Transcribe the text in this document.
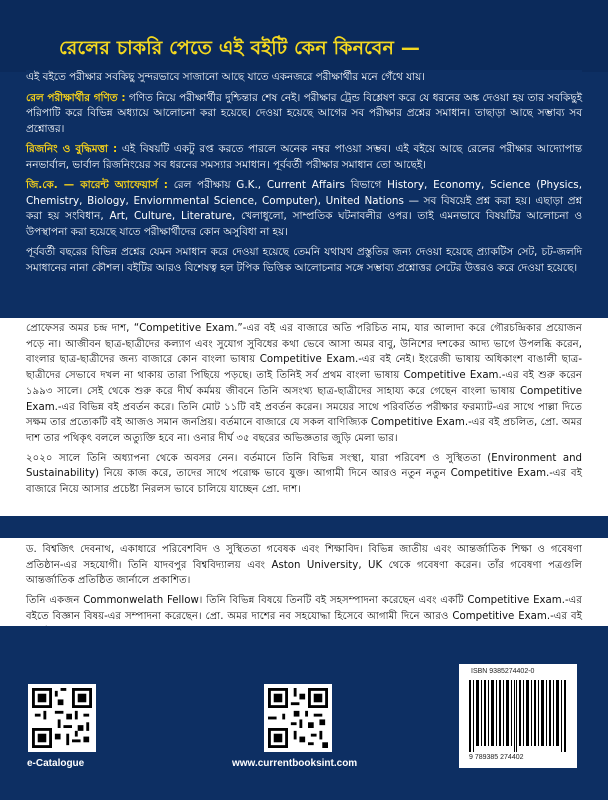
রেলের চাকরি পেতে এই বইটি কেন কিনবেন —

এই বইতে পরীক্ষার সবকিছু সুন্দরভাবে সাজানো আছে যাতে একনজরে পরীক্ষার্থীর মনে গেঁথে যায়।

রেল পরীক্ষার্থীর গণিত : গণিত নিয়ে পরীক্ষার্থীর দুশ্চিন্তার শেষ নেই। পরীক্ষার ট্রেন্ড বিশ্লেষণ করে যে ধরনের অঙ্ক দেওয়া হয় তার সবকিছুই পরিপাটি করে বিভিন্ন অধ্যায়ে আলোচনা করা হয়েছে। দেওয়া হয়েছে আগের সব পরীক্ষার প্রশ্নের সমাধান। তাছাড়া আছে সম্ভাব্য সব প্রশ্নোত্তর।

রিজনিং ও বুদ্ধিমত্তা : এই বিষয়টি একটু রপ্ত করতে পারলে অনেক নম্বর পাওয়া সম্ভব। এই বইয়ে আছে রেলের পরীক্ষার আদ্যোপান্ত নন‌ভার্বাল, ভার্বাল রিজনিংয়ের সব ধরনের সমস্যার সমাধান। পূর্ববর্তী পরীক্ষার সমাধান তো আছেই।

জি.কে. — কারেন্ট অ্যাফেয়ার্স : রেল পরীক্ষায় G.K., Current Affairs বিভাগে History, Economy, Science (Physics, Chemistry, Biology, Enviornmental Science, Computer), United Nations — সব বিষয়েই প্রশ্ন করা হয়। এছাড়া প্রশ্ন করা হয় সংবিধান, Art, Culture, Literature, খেলাধুলো, সাম্প্রতিক ঘটনাবলীর ওপর। তাই এমনভাবে বিষয়টির আলোচনা ও উপস্থাপনা করা হয়েছে যাতে পরীক্ষার্থীদের কোন অসুবিধা না হয়।

পূর্ববর্তী বছরের বিভিন্ন প্রশ্নের যেমন সমাধান করে দেওয়া হয়েছে তেমনি যথাযথ প্রস্তুতির জন্য দেওয়া হয়েছে প্র্যাকটিস সেট, চট-জলদি সমাধানের নানা কৌশল। বইটির আরও বিশেষত্ব হল টপিক ভিত্তিক আলোচনার সঙ্গে সম্ভাব্য প্রশ্নোত্তর সেটের উত্তরও করে দেওয়া হয়েছে।

প্রোফেসর অমর চন্দ্র দাশ, “Competitive Exam.”-এর বই এর বাজারে অতি পরিচিত নাম, যার আলাদা করে গৌরচন্দ্রিকার প্রয়োজন পড়ে না। আজীবন ছাত্র-ছাত্রীদের কল্যাণ এবং সুযোগ সুবিধের কথা ভেবে আসা অমর বাবু, উনিশের দশকের আদ্য ভাগে উপলব্ধি করেন, বাংলার ছাত্র-ছাত্রীদের জন্য বাজারে কোন বাংলা ভাষায় Competitive Exam.-এর বই নেই। ইংরেজী ভাষায় অধিকাংশ বাঙালী ছাত্র-ছাত্রীদের সেভাবে দখল না থাকায় তারা পিছিয়ে পড়ছে। তাই তিনিই সর্ব প্রথম বাংলা ভাষায় Competitive Exam.-এর বই শুরু করেন ১৯৯৩ সালে। সেই থেকে শুরু করে দীর্ঘ কর্মময় জীবনে তিনি অসংখ্য ছাত্র-ছাত্রীদের সাহায্য করে গেছেন বাংলা ভাষায় Competitive Exam.-এর বিভিন্ন বই প্রবর্তন করে। তিনি মোট ১১টি বই প্রবর্তন করেন। সময়ের সাথে পরিবর্তিত পরীক্ষার ফরম্যাট-এর সাথে পাল্লা দিতে সক্ষম তার প্রত্যেকটি বই আজও সমান জনপ্রিয়। বর্তমানে বাজারে যে সকল বাণিজ্যিক Competitive Exam.-এর বই প্রচলিত, প্রো. অমর দাশ তার পথিকৃৎ বললে অত্যুক্তি হবে না। ওনার দীর্ঘ ৩৫ বছরের অভিজ্ঞতার জুড়ি মেলা ভার।

২০২০ সালে তিনি অধ্যাপনা থেকে অবসর নেন। বর্তমানে তিনি বিভিন্ন সংস্থা, যারা পরিবেশ ও সুস্থিততা (Environment and Sustainability) নিয়ে কাজ করে, তাদের সাথে পরোক্ষ ভাবে যুক্ত। আগামী দিনে আরও নতুন নতুন Competitive Exam.-এর বই বাজারে নিয়ে আসার প্রচেষ্টা নিরলস ভাবে চালিয়ে যাচ্ছেন প্রো. দাশ।

ড. বিশ্বজিৎ দেবনাথ, একাধারে পরিবেশবিদ ও সুস্থিততা গবেষক এবং শিক্ষাবিদ। বিভিন্ন জাতীয় এবং আন্তর্জাতিক শিক্ষা ও গবেষণা প্রতিষ্ঠান-এর সহযোগী। তিনি যাদবপুর বিশ্ববিদ্যালয় এবং Aston University, UK থেকে গবেষণা করেন। তাঁর গবেষণা পত্রগুলি আন্তর্জাতিক প্রতিষ্ঠিত জার্নালে প্রকাশিত।

তিনি একজন Commonwelath Fellow। তিনি বিভিন্ন বিষয়ে তিনটি বই সহসম্পাদনা করেছেন এবং একটি Competitive Exam.-এর বইতে বিজ্ঞান বিষয়-এর সম্পাদনা করেছেন। প্রো. অমর দাশের নব সহযোদ্ধা হিসেবে আগামী দিনে আরও Competitive Exam.-এর বই

e-Catalogue	www.currentbooksint.com
ISBN 9385274402-0
9 789385 274402
